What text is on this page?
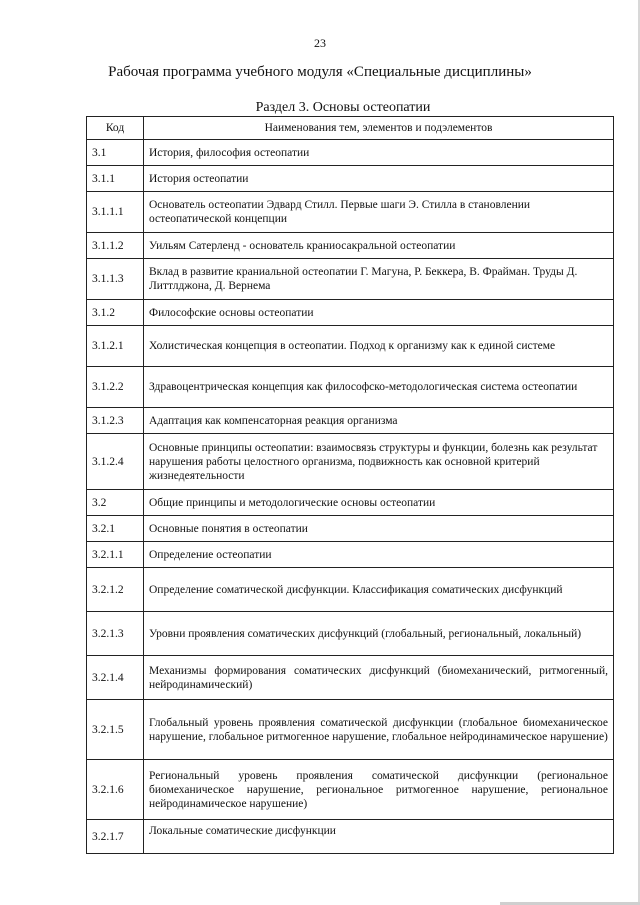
23
Рабочая программа учебного модуля «Специальные дисциплины»
Раздел 3. Основы остеопатии
Код	Наименования тем, элементов и подэлементов
3.1	История, философия остеопатии
3.1.1	История остеопатии
3.1.1.1	Основатель остеопатии Эдвард Стилл. Первые шаги Э. Стилла в становлении остеопатической концепции
3.1.1.2	Уильям Сатерленд - основатель краниосакральной остеопатии
3.1.1.3	Вклад в развитие краниальной остеопатии Г. Магуна, Р. Беккера, В. Фрайман. Труды Д. Литтлджона, Д. Вернема
3.1.2	Философские основы остеопатии
3.1.2.1	Холистическая концепция в остеопатии. Подход к организму как к единой системе
3.1.2.2	Здравоцентрическая концепция как философско-методологическая система остеопатии
3.1.2.3	Адаптация как компенсаторная реакция организма
3.1.2.4	Основные принципы остеопатии: взаимосвязь структуры и функции, болезнь как результат нарушения работы целостного организма, подвижность как основной критерий жизнедеятельности
3.2	Общие принципы и методологические основы остеопатии
3.2.1	Основные понятия в остеопатии
3.2.1.1	Определение остеопатии
3.2.1.2	Определение соматической дисфункции. Классификация соматических дисфункций
3.2.1.3	Уровни проявления соматических дисфункций (глобальный, региональный, локальный)
3.2.1.4	Механизмы формирования соматических дисфункций (биомеханический, ритмогенный, нейродинамический)
3.2.1.5	Глобальный уровень проявления соматической дисфункции (глобальное биомеханическое нарушение, глобальное ритмогенное нарушение, глобальное нейродинамическое нарушение)
3.2.1.6	Региональный уровень проявления соматической дисфункции (региональное биомеханическое нарушение, региональное ритмогенное нарушение, региональное нейродинамическое нарушение)
3.2.1.7	Локальные соматические дисфункции
